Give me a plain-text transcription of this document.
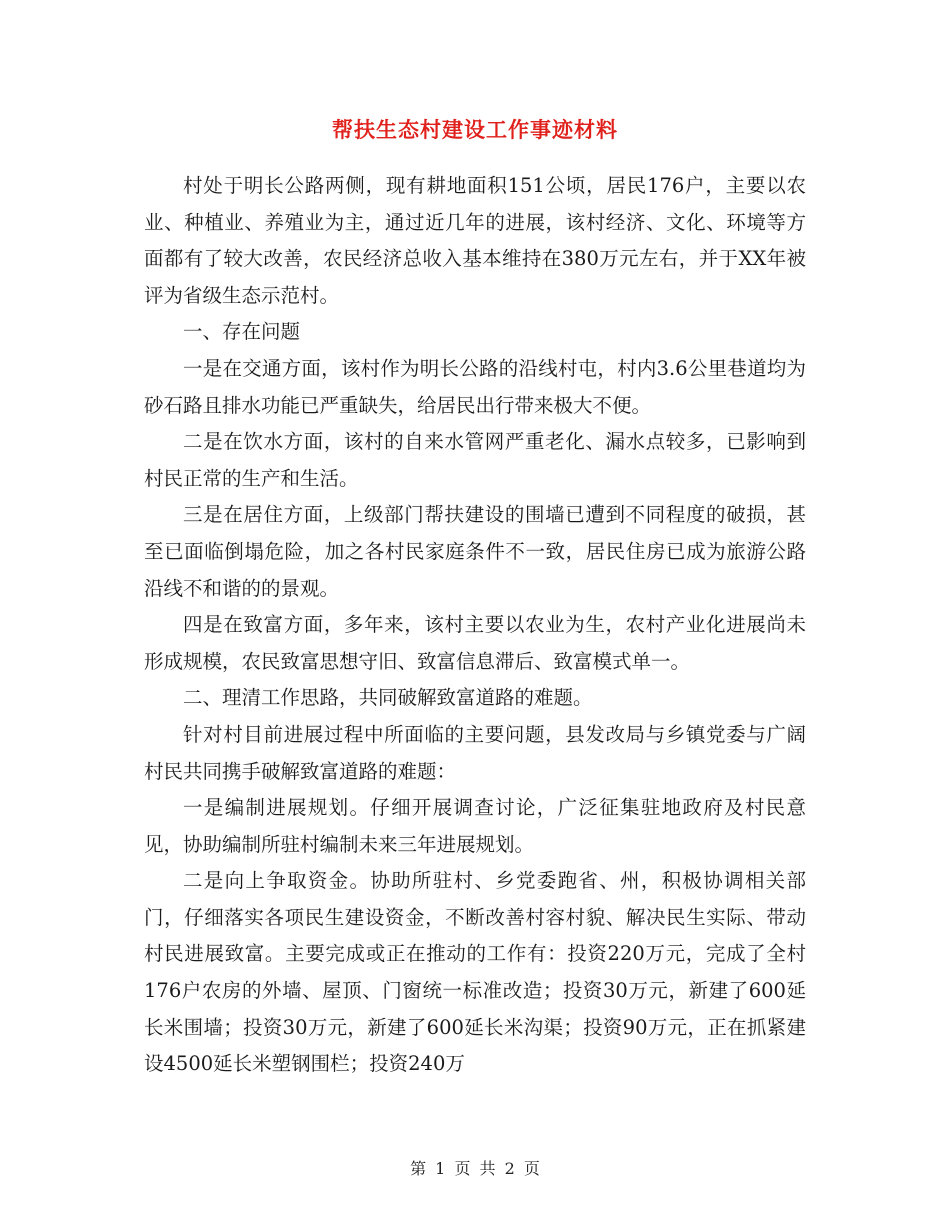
帮扶生态村建设工作事迹材料

村处于明长公路两侧，现有耕地面积151公顷，居民176户，主要以农业、种植业、养殖业为主，通过近几年的进展，该村经济、文化、环境等方面都有了较大改善，农民经济总收入基本维持在380万元左右，并于XX年被评为省级生态示范村。

一、存在问题

一是在交通方面，该村作为明长公路的沿线村屯，村内3.6公里巷道均为砂石路且排水功能已严重缺失，给居民出行带来极大不便。

二是在饮水方面，该村的自来水管网严重老化、漏水点较多，已影响到村民正常的生产和生活。

三是在居住方面，上级部门帮扶建设的围墙已遭到不同程度的破损，甚至已面临倒塌危险，加之各村民家庭条件不一致，居民住房已成为旅游公路沿线不和谐的的景观。

四是在致富方面，多年来，该村主要以农业为生，农村产业化进展尚未形成规模，农民致富思想守旧、致富信息滞后、致富模式单一。

二、理清工作思路，共同破解致富道路的难题。

针对村目前进展过程中所面临的主要问题，县发改局与乡镇党委与广阔村民共同携手破解致富道路的难题：

一是编制进展规划。仔细开展调查讨论，广泛征集驻地政府及村民意见，协助编制所驻村编制未来三年进展规划。

二是向上争取资金。协助所驻村、乡党委跑省、州，积极协调相关部门，仔细落实各项民生建设资金，不断改善村容村貌、解决民生实际、带动村民进展致富。主要完成或正在推动的工作有：投资220万元，完成了全村176户农房的外墙、屋顶、门窗统一标准改造；投资30万元，新建了600延长米围墙；投资30万元，新建了600延长米沟渠；投资90万元，正在抓紧建设4500延长米塑钢围栏；投资240万

第 1 页 共 2 页
